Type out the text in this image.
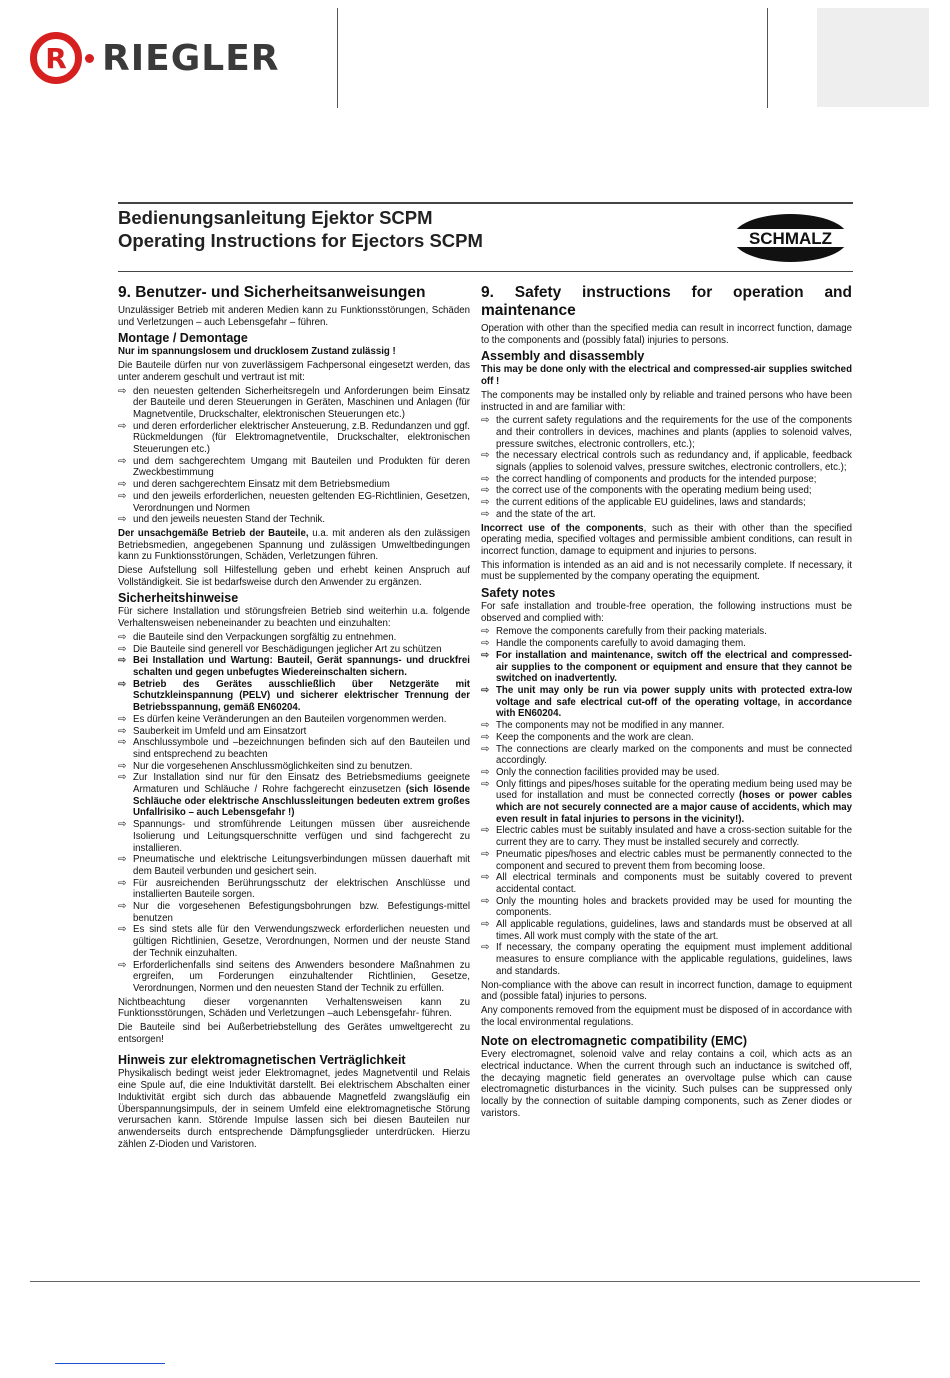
R RIEGLER
Bedienungsanleitung Ejektor SCPM
Operating Instructions for Ejectors SCPM	SCHMALZ
9. Benutzer- und Sicherheitsanweisungen

Unzulässiger Betrieb mit anderen Medien kann zu Funktionsstörungen, Schäden und Verletzungen – auch Lebensgefahr – führen.

Montage / Demontage

Nur im spannungslosem und drucklosem Zustand zulässig !

Die Bauteile dürfen nur von zuverlässigem Fachpersonal eingesetzt werden, das unter anderem geschult und vertraut ist mit:

⇨ den neuesten geltenden Sicherheitsregeln und Anforderungen beim Einsatz der Bauteile und deren Steuerungen in Geräten, Maschinen und Anlagen (für Magnetventile, Druckschalter, elektronischen Steuerungen etc.)
⇨ und deren erforderlicher elektrischer Ansteuerung, z.B. Redundanzen und ggf. Rückmeldungen (für Elektromagnetventile, Druckschalter, elektronischen Steuerungen etc.)
⇨ und dem sachgerechtem Umgang mit Bauteilen und Produkten für deren Zweckbestimmung
⇨ und deren sachgerechtem Einsatz mit dem Betriebsmedium
⇨ und den jeweils erforderlichen, neuesten geltenden EG-Richtlinien, Gesetzen, Verordnungen und Normen
⇨ und den jeweils neuesten Stand der Technik.

Der unsachgemäße Betrieb der Bauteile, u.a. mit anderen als den zulässigen Betriebsmedien, angegebenen Spannung und zulässigen Umweltbedingungen kann zu Funktionsstörungen, Schäden, Verletzungen führen.

Diese Aufstellung soll Hilfestellung geben und erhebt keinen Anspruch auf Vollständigkeit. Sie ist bedarfsweise durch den Anwender zu ergänzen.

Sicherheitshinweise

Für sichere Installation und störungsfreien Betrieb sind weiterhin u.a. folgende Verhaltensweisen nebeneinander zu beachten und einzuhalten:

⇨ die Bauteile sind den Verpackungen sorgfältig zu entnehmen.
⇨ Die Bauteile sind generell vor Beschädigungen jeglicher Art zu schützen
⇨ Bei Installation und Wartung: Bauteil, Gerät spannungs- und druckfrei schalten und gegen unbefugtes Wiedereinschalten sichern.
⇨ Betrieb des Gerätes ausschließlich über Netzgeräte mit Schutzkleinspannung (PELV) und sicherer elektrischer Trennung der Betriebsspannung, gemäß EN60204.
⇨ Es dürfen keine Veränderungen an den Bauteilen vorgenommen werden.
⇨ Sauberkeit im Umfeld und am Einsatzort
⇨ Anschlussymbole und –bezeichnungen befinden sich auf den Bauteilen und sind entsprechend zu beachten
⇨ Nur die vorgesehenen Anschlussmöglichkeiten sind zu benutzen.
⇨ Zur Installation sind nur für den Einsatz des Betriebsmediums geeignete Armaturen und Schläuche / Rohre fachgerecht einzusetzen (sich lösende Schläuche oder elektrische Anschlussleitungen bedeuten extrem großes Unfallrisiko – auch Lebensgefahr !)
⇨ Spannungs- und stromführende Leitungen müssen über ausreichende Isolierung und Leitungsquerschnitte verfügen und sind fachgerecht zu installieren.
⇨ Pneumatische und elektrische Leitungsverbindungen müssen dauerhaft mit dem Bauteil verbunden und gesichert sein.
⇨ Für ausreichenden Berührungsschutz der elektrischen Anschlüsse und installierten Bauteile sorgen.
⇨ Nur die vorgesehenen Befestigungsbohrungen bzw. Befestigungs-mittel benutzen
⇨ Es sind stets alle für den Verwendungszweck erforderlichen neuesten und gültigen Richtlinien, Gesetze, Verordnungen, Normen und der neuste Stand der Technik einzuhalten.
⇨ Erforderlichenfalls sind seitens des Anwenders besondere Maßnahmen zu ergreifen, um Forderungen einzuhaltender Richtlinien, Gesetze, Verordnungen, Normen und den neuesten Stand der Technik zu erfüllen.

Nichtbeachtung dieser vorgenannten Verhaltensweisen kann zu Funktionsstörungen, Schäden und Verletzungen –auch Lebensgefahr- führen.

Die Bauteile sind bei Außerbetriebstellung des Gerätes umweltgerecht zu entsorgen!

Hinweis zur elektromagnetischen Verträglichkeit

Physikalisch bedingt weist jeder Elektromagnet, jedes Magnetventil und Relais eine Spule auf, die eine Induktivität darstellt. Bei elektrischem Abschalten einer Induktivität ergibt sich durch das abbauende Magnetfeld zwangsläufig ein Überspannungsimpuls, der in seinem Umfeld eine elektromagnetische Störung verursachen kann. Störende Impulse lassen sich bei diesen Bauteilen nur anwenderseits durch entsprechende Dämpfungsglieder unterdrücken. Hierzu zählen Z-Dioden und Varistoren.

9. Safety instructions for operation and maintenance

Operation with other than the specified media can result in incorrect function, damage to the components and (possibly fatal) injuries to persons.

Assembly and disassembly

This may be done only with the electrical and compressed-air supplies switched off !

The components may be installed only by reliable and trained persons who have been instructed in and are familiar with:

⇨ the current safety regulations and the requirements for the use of the components and their controllers in devices, machines and plants (applies to solenoid valves, pressure switches, electronic controllers, etc.);
⇨ the necessary electrical controls such as redundancy and, if applicable, feedback signals (applies to solenoid valves, pressure switches, electronic controllers, etc.);
⇨ the correct handling of components and products for the intended purpose;
⇨ the correct use of the components with the operating medium being used;
⇨ the current editions of the applicable EU guidelines, laws and standards;
⇨ and the state of the art.

Incorrect use of the components, such as their with other than the specified operating media, specified voltages and permissible ambient conditions, can result in incorrect function, damage to equipment and injuries to persons.

This information is intended as an aid and is not necessarily complete. If necessary, it must be supplemented by the company operating the equipment.

Safety notes

For safe installation and trouble-free operation, the following instructions must be observed and complied with:

⇨ Remove the components carefully from their packing materials.
⇨ Handle the components carefully to avoid damaging them.
⇨ For installation and maintenance, switch off the electrical and compressed-air supplies to the component or equipment and ensure that they cannot be switched on inadvertently.
⇨ The unit may only be run via power supply units with protected extra-low voltage and safe electrical cut-off of the operating voltage, in accordance with EN60204.
⇨ The components may not be modified in any manner.
⇨ Keep the components and the work are clean.
⇨ The connections are clearly marked on the components and must be connected accordingly.
⇨ Only the connection facilities provided may be used.
⇨ Only fittings and pipes/hoses suitable for the operating medium being used may be used for installation and must be connected correctly (hoses or power cables which are not securely connected are a major cause of accidents, which may even result in fatal injuries to persons in the vicinity!).
⇨ Electric cables must be suitably insulated and have a cross-section suitable for the current they are to carry. They must be installed securely and correctly.
⇨ Pneumatic pipes/hoses and electric cables must be permanently connected to the component and secured to prevent them from becoming loose.
⇨ All electrical terminals and components must be suitably covered to prevent accidental contact.
⇨ Only the mounting holes and brackets provided may be used for mounting the components.
⇨ All applicable regulations, guidelines, laws and standards must be observed at all times. All work must comply with the state of the art.
⇨ If necessary, the company operating the equipment must implement additional measures to ensure compliance with the applicable regulations, guidelines, laws and standards.

Non-compliance with the above can result in incorrect function, damage to equipment and (possible fatal) injuries to persons.

Any components removed from the equipment must be disposed of in accordance with the local environmental regulations.

Note on electromagnetic compatibility (EMC)

Every electromagnet, solenoid valve and relay contains a coil, which acts as an electrical inductance. When the current through such an inductance is switched off, the decaying magnetic field generates an overvoltage pulse which can cause electromagnetic disturbances in the vicinity. Such pulses can be suppressed only locally by the connection of suitable damping components, such as Zener diodes or varistors.
